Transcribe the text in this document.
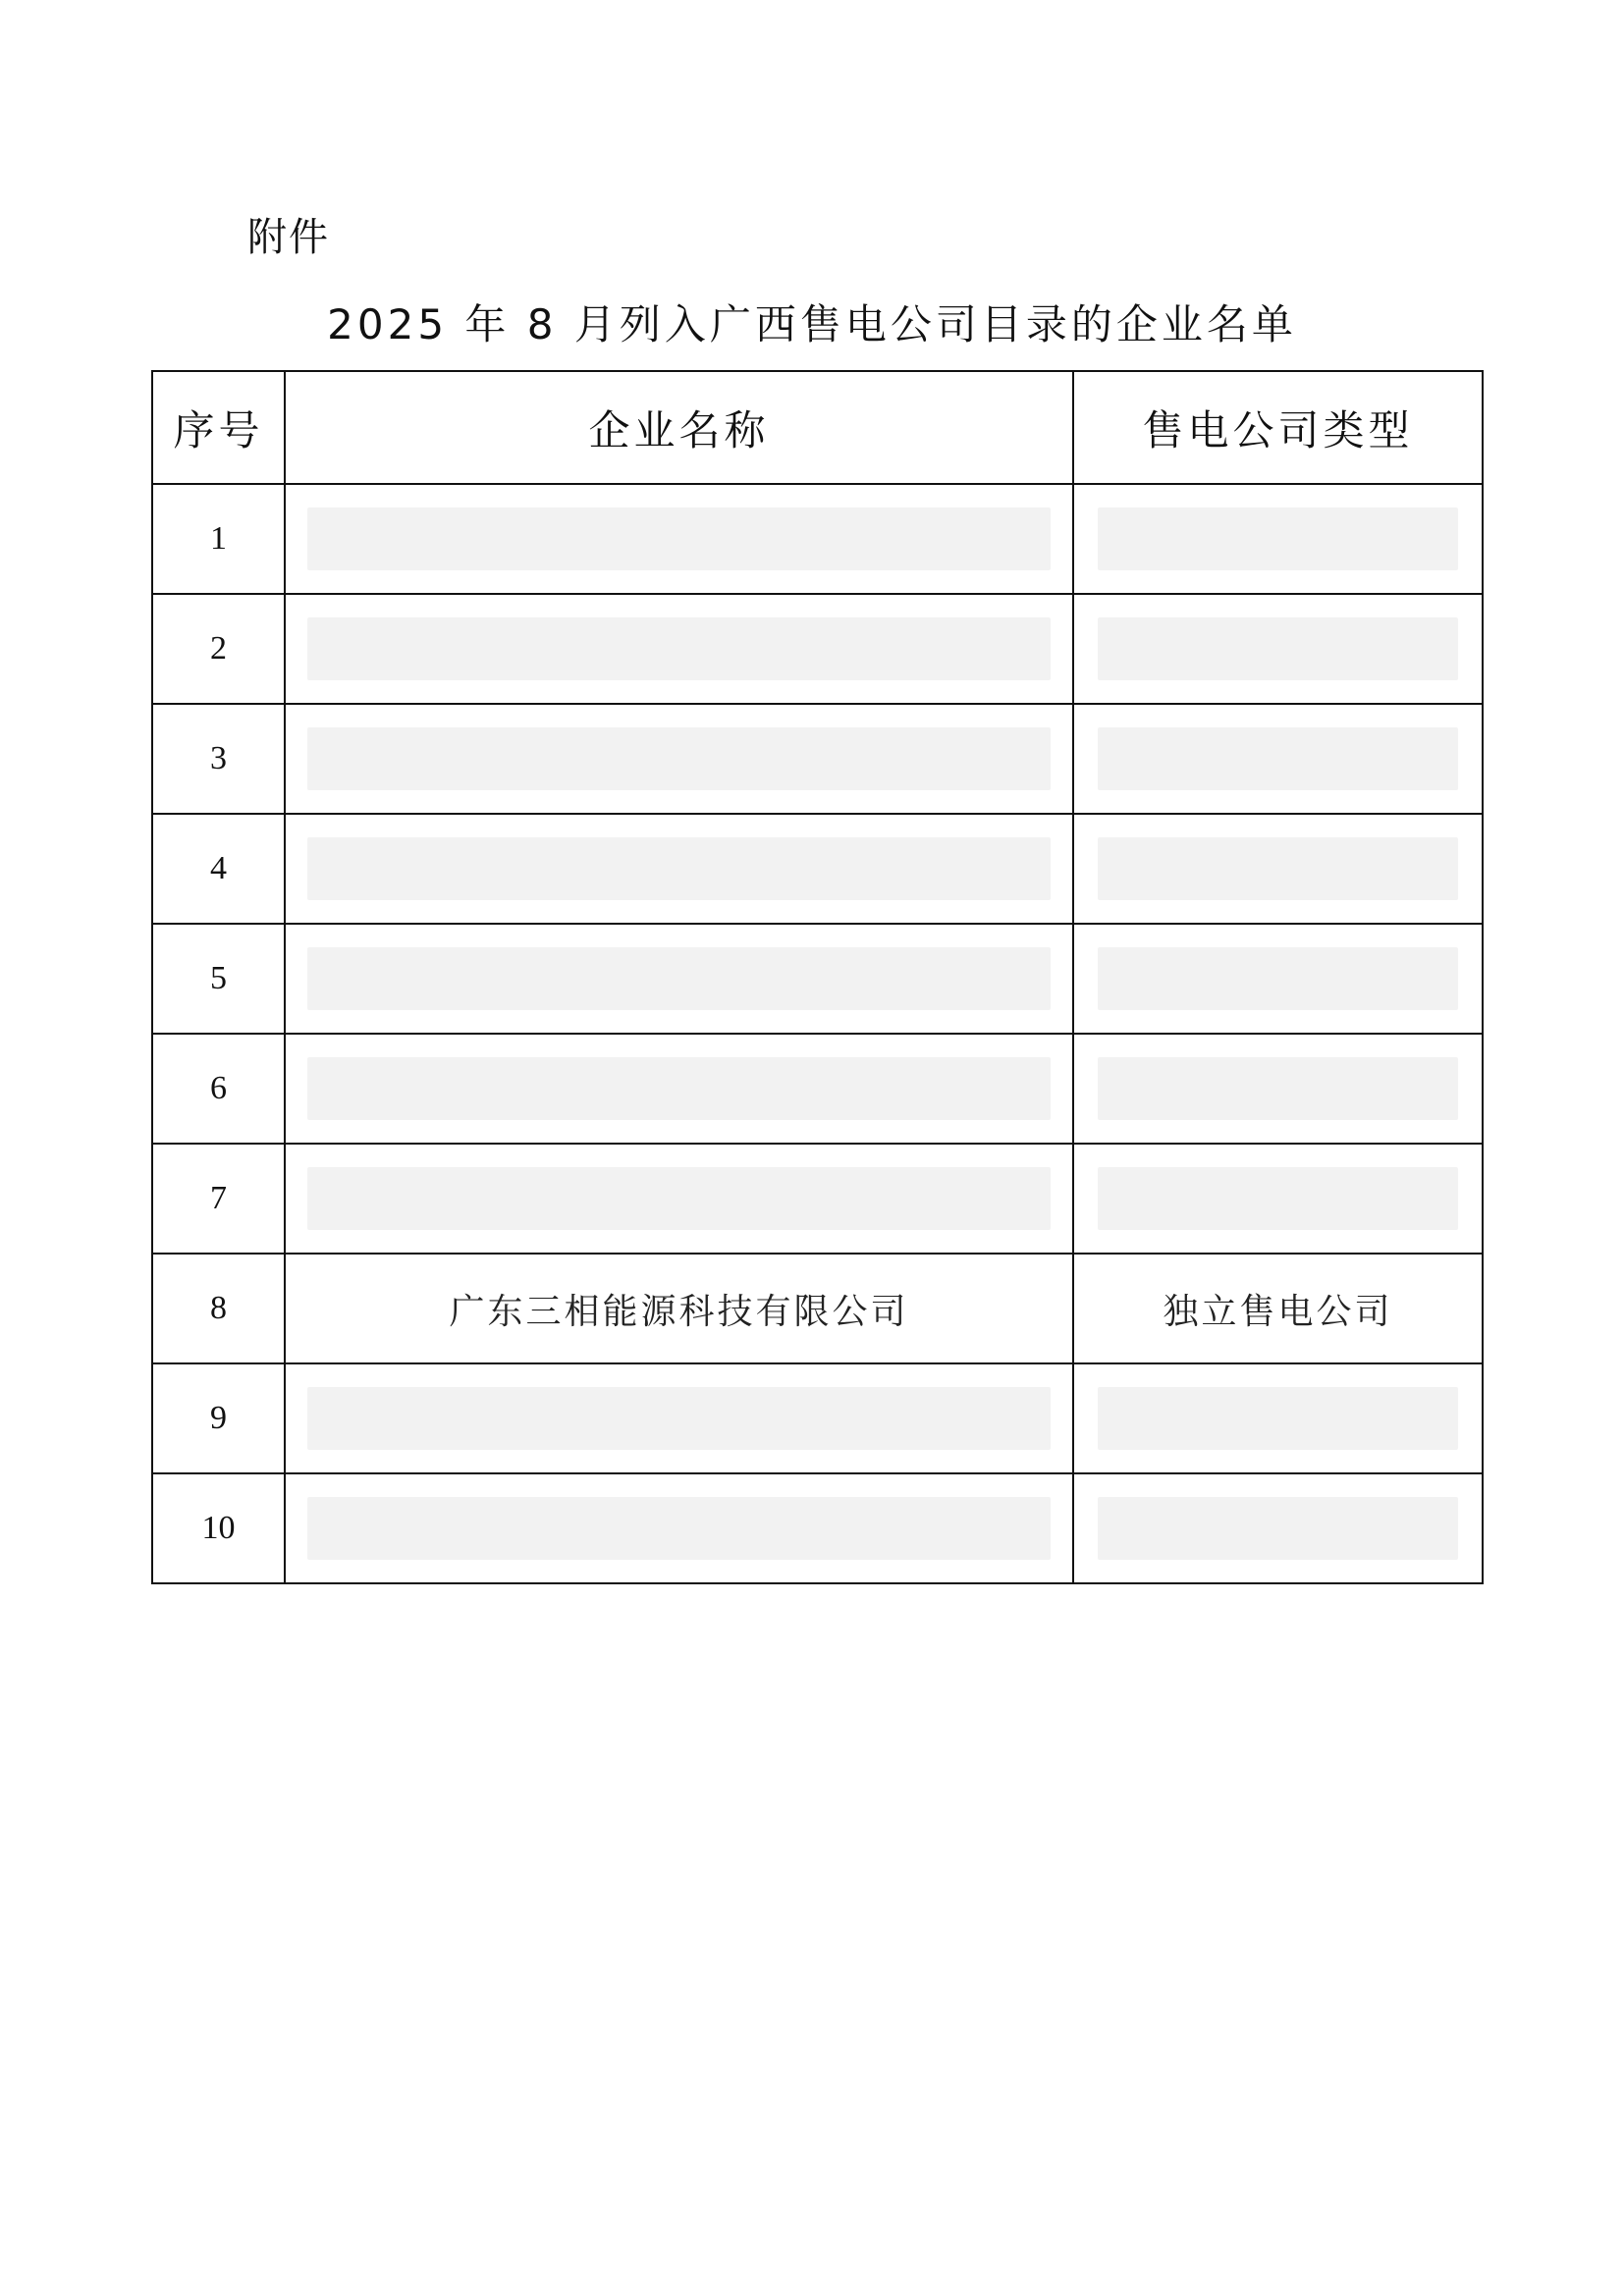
附件
2025 年 8 月列入广西售电公司目录的企业名单
序号	企业名称	售电公司类型
1	

2	

3	

4	

5	

6	

7	

8	广东三相能源科技有限公司	独立售电公司
9	

10	
